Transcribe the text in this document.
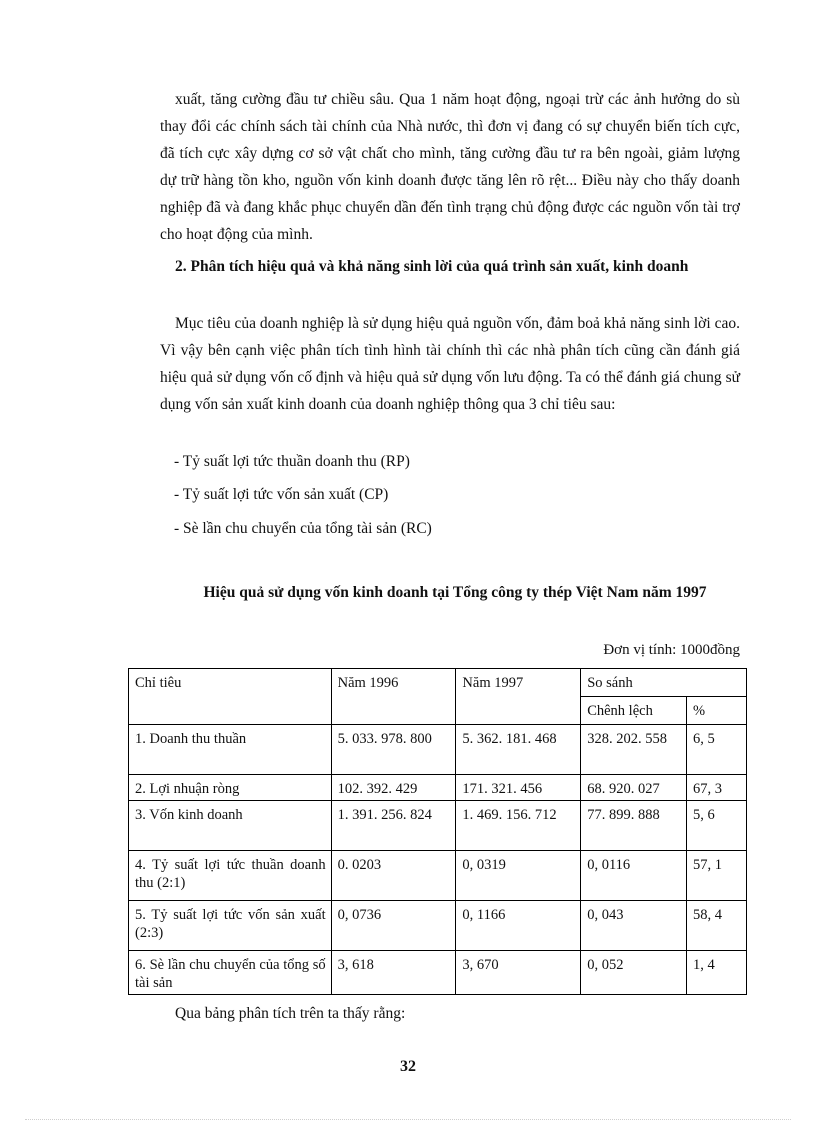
xuất, tăng cường đầu tư chiều sâu. Qua 1 năm hoạt động, ngoại trừ các ảnh hưởng do sù thay đổi các chính sách tài chính của Nhà nước, thì đơn vị đang có sự chuyển biến tích cực, đã tích cực xây dựng cơ sở vật chất cho mình, tăng cường đầu tư ra bên ngoài, giảm lượng dự trữ hàng tồn kho, nguồn vốn kinh doanh được tăng lên rõ rệt... Điều này cho thấy doanh nghiệp đã và đang khắc phục chuyển dần đến tình trạng chủ động được các nguồn vốn tài trợ cho hoạt động của mình.

2. Phân tích hiệu quả và khả năng sinh lời của quá trình sản xuất, kinh doanh

Mục tiêu của doanh nghiệp là sử dụng hiệu quả nguồn vốn, đảm boả khả năng sinh lời cao. Vì vậy bên cạnh việc phân tích tình hình tài chính thì các nhà phân tích cũng cần đánh giá hiệu quả sử dụng vốn cố định và hiệu quả sử dụng vốn lưu động. Ta có thể đánh giá chung sử dụng vốn sản xuất kinh doanh của doanh nghiệp thông qua 3 chỉ tiêu sau:

- Tỷ suất lợi tức thuần doanh thu (RP)

- Tỷ suất lợi tức vốn sản xuất (CP)

- Sè lần chu chuyển của tổng tài sản (RC)

Hiệu quả sử dụng vốn kinh doanh tại Tổng công ty thép Việt Nam năm 1997

Đơn vị tính: 1000đồng

Chỉ tiêu	Năm 1996	Năm 1997	So sánh	
			Chênh lệch	%
1. Doanh thu thuần	5. 033. 978. 800	5. 362. 181. 468	328. 202. 558	6, 5
2. Lợi nhuận ròng	102. 392. 429	171. 321. 456	68. 920. 027	67, 3
3. Vốn kinh doanh	1. 391. 256. 824	1. 469. 156. 712	77. 899. 888	5, 6
4. Tỷ suất lợi tức thuần doanh thu (2:1)	0. 0203	0, 0319	0, 0116	57, 1
5. Tỷ suất lợi tức vốn sản xuất (2:3)	0, 0736	0, 1166	0, 043	58, 4
6. Sè lần chu chuyển của tổng số tài sản	3, 618	3, 670	0, 052	1, 4

Qua bảng phân tích trên ta thấy rằng:

32
